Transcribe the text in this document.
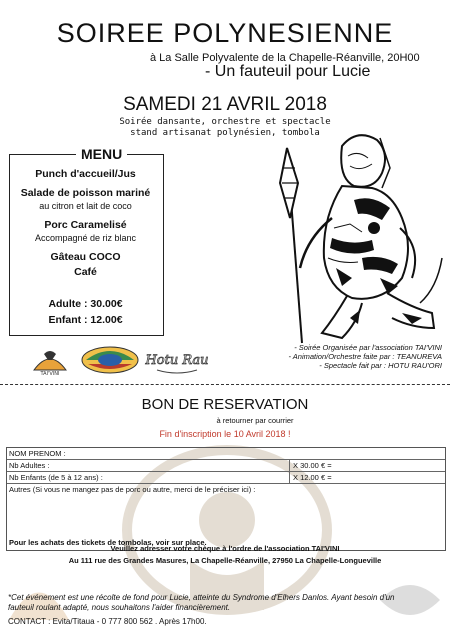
SOIREE POLYNESIENNE
à La Salle Polyvalente de la Chapelle-Réanville, 20H00
- Un fauteuil pour Lucie
SAMEDI 21 AVRIL 2018
Soirée dansante, orchestre et spectacle
stand artisanat polynésien, tombola
MENU
Punch d'accueil/Jus
Salade de poisson mariné
au citron et lait de coco
Porc Caramelisé
Accompagné de riz blanc
Gâteau COCO
Café
Adulte : 30.00€
Enfant : 12.00€
TAI'VINI

Hotu Rau
- Soirée Organisée par l'association TAI'VINI
- Animation/Orchestre faite par : TEANUREVA
- Spectacle fait par : HOTU RAU'ORI
BON DE RESERVATION
à retourner par courrier
Fin d'inscription le 10 Avril 2018 !
NOM PRENOM :
Nb Adultes :	X 30.00 € =
Nb Enfants (de 5 à 12 ans) :	X 12.00 € =
Autres (Si vous ne mangez pas de porc ou autre, merci de le préciser ici) :
Pour les achats des tickets de tombolas, voir sur place.
Veuillez adresser votre chèque à l'ordre de l'association TAI'VINI
Au 111 rue des Grandes Masures, La Chapelle-Réanville, 27950 La Chapelle-Longueville
*Cet événement est une récolte de fond pour Lucie, atteinte du Syndrome d'Elhers Danlos. Ayant besoin d'un fauteuil roulant adapté, nous souhaitons l'aider financièrement.
CONTACT : Evita/Titaua - 0 777 800 562 . Après 17h00.
